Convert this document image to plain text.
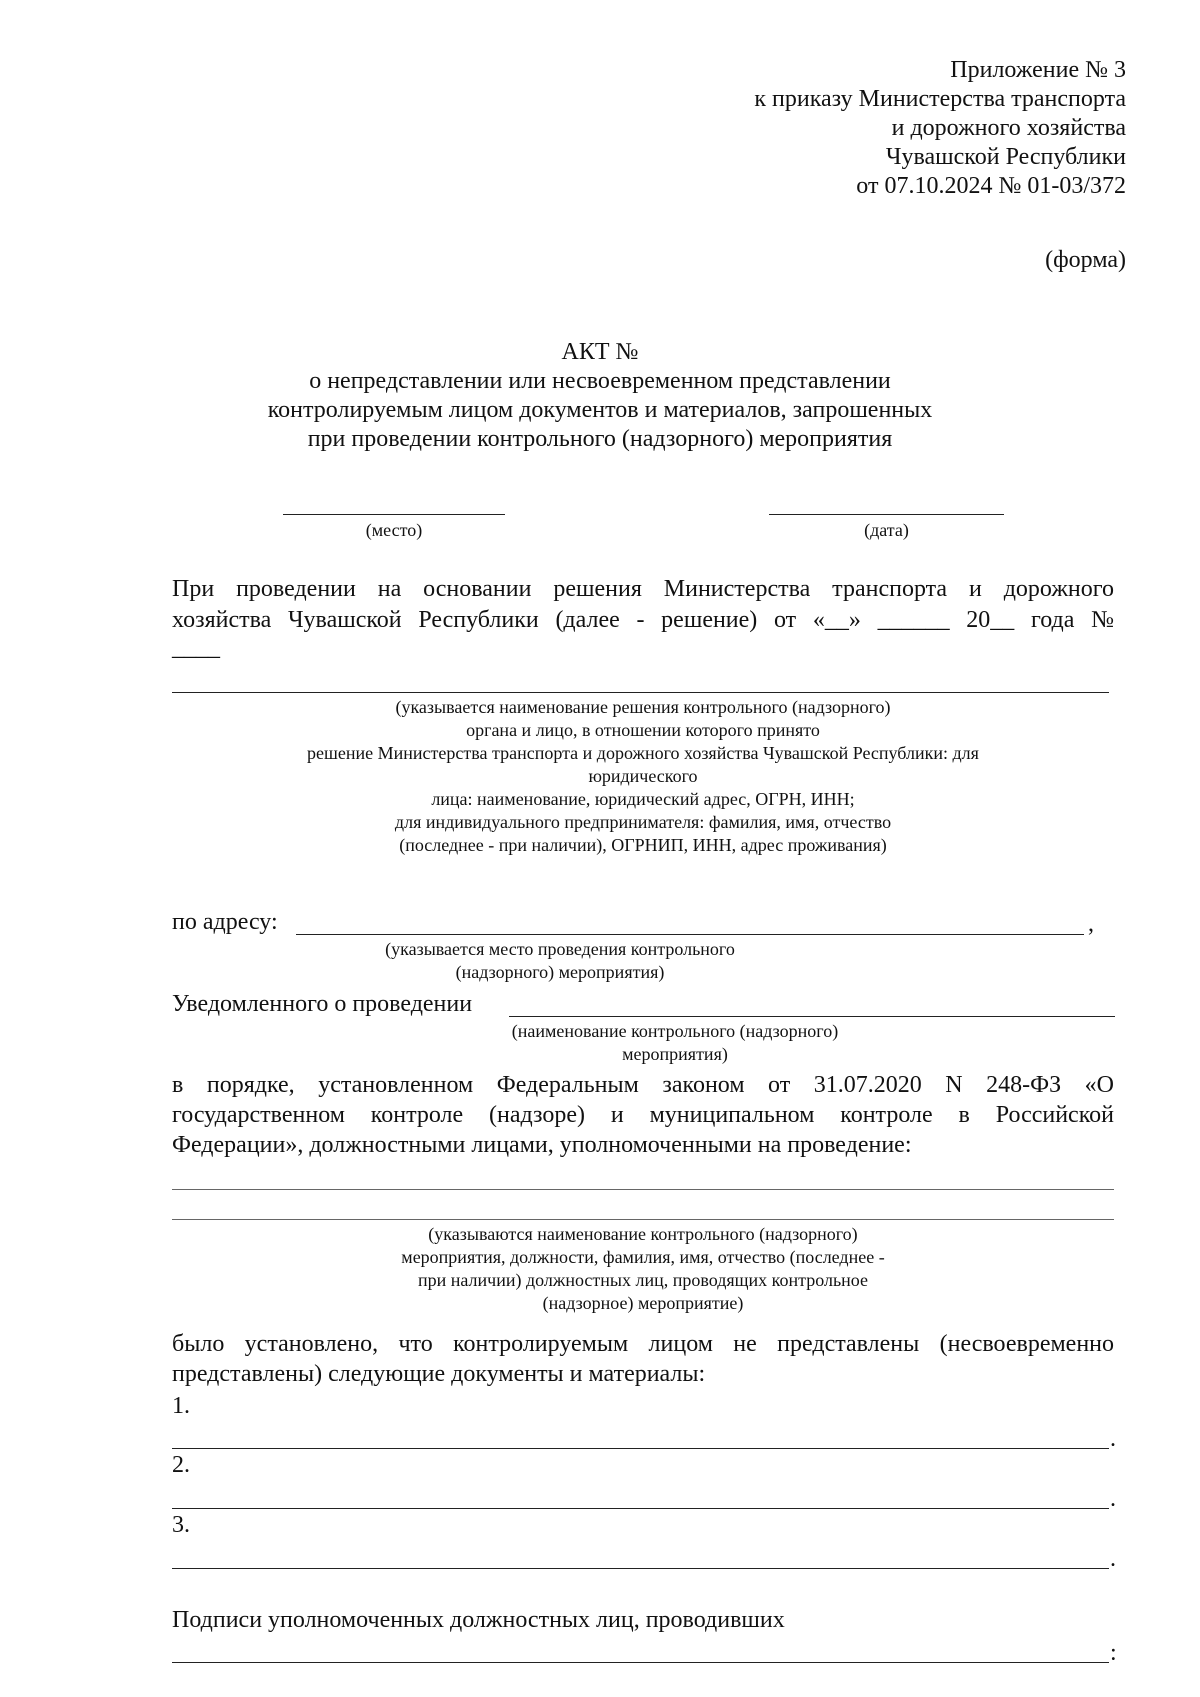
Приложение № 3
к приказу Министерства транспорта
и дорожного хозяйства
Чувашской Республики
от 07.10.2024 № 01-03/372
(форма)
АКТ №
о непредставлении или несвоевременном представлении
контролируемым лицом документов и материалов, запрошенных
при проведении контрольного (надзорного) мероприятия
(место)	(дата)
При проведении на основании решения Министерства транспорта и дорожного
хозяйства Чувашской Республики (далее - решение) от «__» ______ 20__ года №
____
(указывается наименование решения контрольного (надзорного)
органа и лицо, в отношении которого принято
решение Министерства транспорта и дорожного хозяйства Чувашской Республики: для
юридического
лица: наименование, юридический адрес, ОГРН, ИНН;
для индивидуального предпринимателя: фамилия, имя, отчество
(последнее - при наличии), ОГРНИП, ИНН, адрес проживания)
по адресу:	,
(указывается место проведения контрольного
(надзорного) мероприятия)
Уведомленного о проведении
(наименование контрольного (надзорного)
мероприятия)
в порядке, установленном Федеральным законом от 31.07.2020 N 248-ФЗ «О
государственном контроле (надзоре) и муниципальном контроле в Российской
Федерации», должностными лицами, уполномоченными на проведение:
(указываются наименование контрольного (надзорного)
мероприятия, должности, фамилия, имя, отчество (последнее -
при наличии) должностных лиц, проводящих контрольное
(надзорное) мероприятие)
было установлено, что контролируемым лицом не представлены (несвоевременно
представлены) следующие документы и материалы:
1.
.
2.
.
3.
.
Подписи уполномоченных должностных лиц, проводивших
:
